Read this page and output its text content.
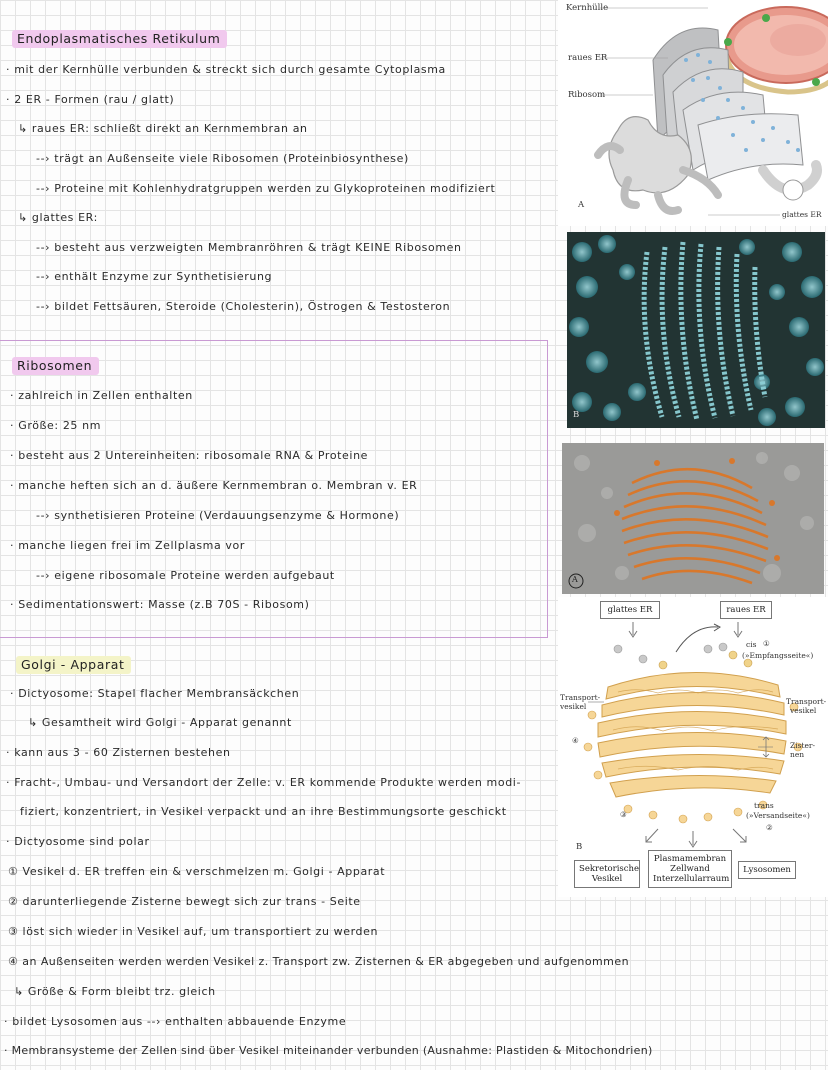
Endoplasmatisches Retikulum
· mit der Kernhülle verbunden & streckt sich durch gesamte Cytoplasma
· 2 ER - Formen (rau / glatt)
↳ raues ER: schließt direkt an Kernmembran an
--› trägt an Außenseite viele Ribosomen (Proteinbiosynthese)
--› Proteine mit Kohlenhydratgruppen werden zu Glykoproteinen modifiziert
↳ glattes ER:
--› besteht aus verzweigten Membranröhren & trägt KEINE Ribosomen
--› enthält Enzyme zur Synthetisierung
--› bildet Fettsäuren, Steroide (Cholesterin), Östrogen & Testosteron
Ribosomen
· zahlreich in Zellen enthalten
· Größe: 25 nm
· besteht aus 2 Untereinheiten: ribosomale RNA & Proteine
· manche heften sich an d. äußere Kernmembran o. Membran v. ER
--› synthetisieren Proteine (Verdauungsenzyme & Hormone)
· manche liegen frei im Zellplasma vor
--› eigene ribosomale Proteine werden aufgebaut
· Sedimentationswert: Masse (z.B 70S - Ribosom)
Golgi - Apparat
· Dictyosome: Stapel flacher Membransäckchen
↳ Gesamtheit wird Golgi - Apparat genannt
· kann aus 3 - 60 Zisternen bestehen
· Fracht-, Umbau- und Versandort der Zelle: v. ER kommende Produkte werden modi-
fiziert, konzentriert, in Vesikel verpackt und an ihre Bestimmungsorte geschickt
· Dictyosome sind polar
① Vesikel d. ER treffen ein & verschmelzen m. Golgi - Apparat
② darunterliegende Zisterne bewegt sich zur trans - Seite
③ löst sich wieder in Vesikel auf, um transportiert zu werden
④ an Außenseiten werden werden Vesikel z. Transport zw. Zisternen & ER abgegeben und aufgenommen
↳ Größe & Form bleibt trz. gleich
· bildet Lysosomen aus --› enthalten abbauende Enzyme
· Membransysteme der Zellen sind über Vesikel miteinander verbunden (Ausnahme: Plastiden & Mitochondrien)
Kernhülle
raues ER
Ribosom
A
glattes ER
B
A
glattes ER	raues ER
cis ①
(»Empfangsseite«)
Transport-
vesikel
Transport-
vesikel
Zister-
nen
④
③
trans
(»Versandseite«)
②
B
Sekretorische
Vesikel
Plasmamembran
Zellwand
Interzellularraum
Lysosomen
